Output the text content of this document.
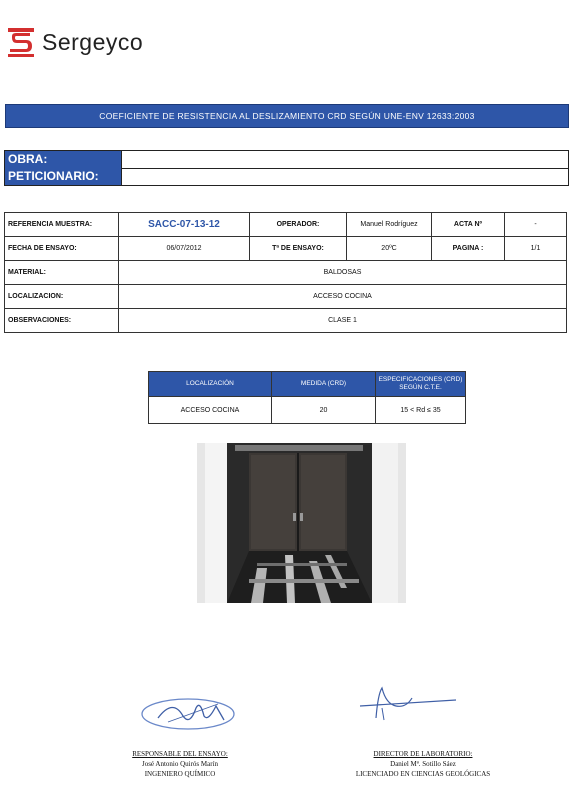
Sergeyco
COEFICIENTE DE RESISTENCIA AL DESLIZAMIENTO CRD SEGÚN UNE-ENV 12633:2003
OBRA:
PETICIONARIO:
REFERENCIA MUESTRA:	SACC-07-13-12	OPERADOR:	Manuel Rodríguez	ACTA Nº	-
FECHA DE ENSAYO:	06/07/2012	Tª DE ENSAYO:	20ºC	PAGINA :	1/1
MATERIAL:	BALDOSAS				
LOCALIZACION:	ACCESO COCINA				
OBSERVACIONES:	CLASE 1				
LOCALIZACIÓN	MEDIDA (CRD)	ESPECIFICACIONES (CRD) SEGÚN C.T.E.
ACCESO COCINA	20	15 < Rd ≤ 35
RESPONSABLE DEL ENSAYO:
José Antonio Quirós Marín
INGENIERO QUÍMICO
DIRECTOR DE LABORATORIO:
Daniel Mª. Sotillo Sáez
LICENCIADO EN CIENCIAS GEOLÓGICAS
